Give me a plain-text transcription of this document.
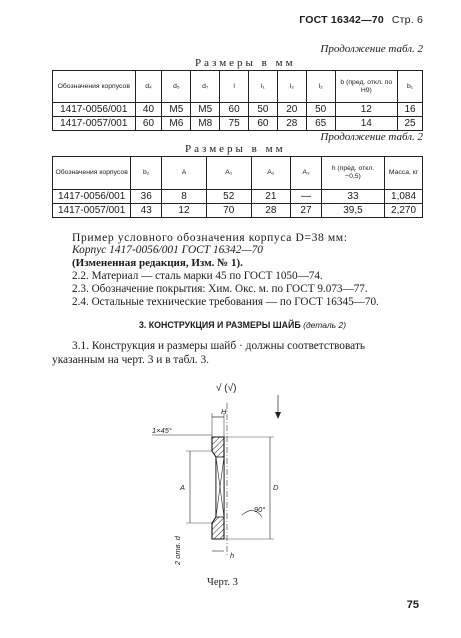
ГОСТ 16342—70 Стр. 6
Продолжение табл. 2
Размеры в мм
Обозначения корпусов	d₄	d₅	d₇	l	l₁	l₂	l₃	b (пред. откл. по Н9)	b₁
1417-0056/001	40	М5	М5	60	50	20	50	12	16
1417-0057/001	60	М6	М8	75	60	28	65	14	25
Продолжение табл. 2
Размеры в мм
Обозначения корпусов	b₂	A	A₁	A₂	A₃	h (пред. откл. −0,5)	Масса, кг
1417-0056/001	36	8	52	21	—	33	1,084
1417-0057/001	43	12	70	28	27	39,5	2,270
Пример условного обозначения корпуса D=38 мм:
Корпус 1417-0056/001 ГОСТ 16342—70
(Измененная редакция, Изм. № 1).
2.2. Материал — сталь марки 45 по ГОСТ 1050—74.
2.3. Обозначение покрытия: Хим. Окс. м. по ГОСТ 9.073—77.
2.4. Остальные технические требования — по ГОСТ 16345—70.
3. КОНСТРУКЦИЯ И РАЗМЕРЫ ШАЙБ (деталь 2)
3.1. Конструкция и размеры шайб · должны соответствовать
указанным на черт. 3 и в табл. 3.
√ (√)
H
1×45°
A	D
90°
h
2 отв. d
Черт. 3
75
